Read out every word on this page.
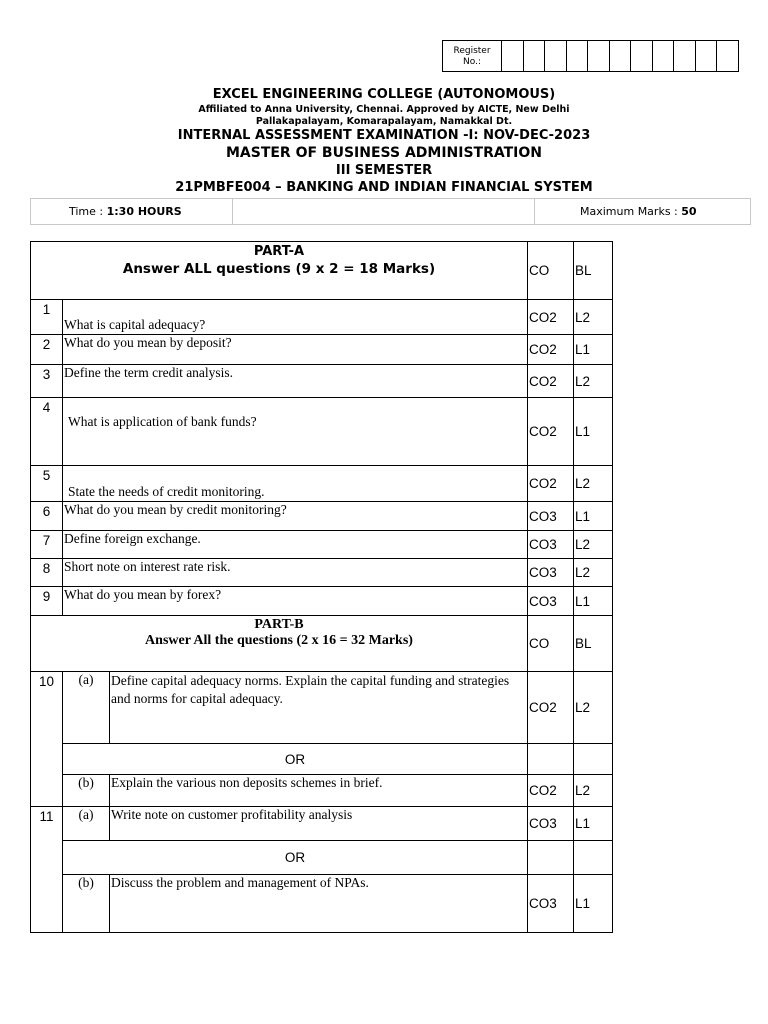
Register
No.:
EXCEL ENGINEERING COLLEGE (AUTONOMOUS)
Affiliated to Anna University, Chennai. Approved by AICTE, New Delhi
Pallakapalayam, Komarapalayam, Namakkal Dt.
INTERNAL ASSESSMENT EXAMINATION -I: NOV-DEC-2023
MASTER OF BUSINESS ADMINISTRATION
III SEMESTER
21PMBFE004 – BANKING AND INDIAN FINANCIAL SYSTEM
Time : 1:30 HOURS	Maximum Marks : 50
PART-A
Answer ALL questions (9 x 2 = 18 Marks)			CO	BL
1	What is capital adequacy?		CO2	L2
2	What do you mean by deposit?		CO2	L1
3	Define the term credit analysis.		CO2	L2
4	What is application of bank funds?		CO2	L1
5	State the needs of credit monitoring.		CO2	L2
6	What do you mean by credit monitoring?		CO3	L1
7	Define foreign exchange.		CO3	L2
8	Short note on interest rate risk.		CO3	L2
9	What do you mean by forex?		CO3	L1

PART-B
Answer All the questions (2 x 16 = 32 Marks)			CO	BL
10	(a)	Define capital adequacy norms. Explain the capital funding and strategies and norms for capital adequacy.	CO2	L2
	OR			
	(b)	Explain the various non deposits schemes in brief.	CO2	L2
11	(a)	Write note on customer profitability analysis	CO3	L1
	OR			
	(b)	Discuss the problem and management of NPAs.	CO3	L1
